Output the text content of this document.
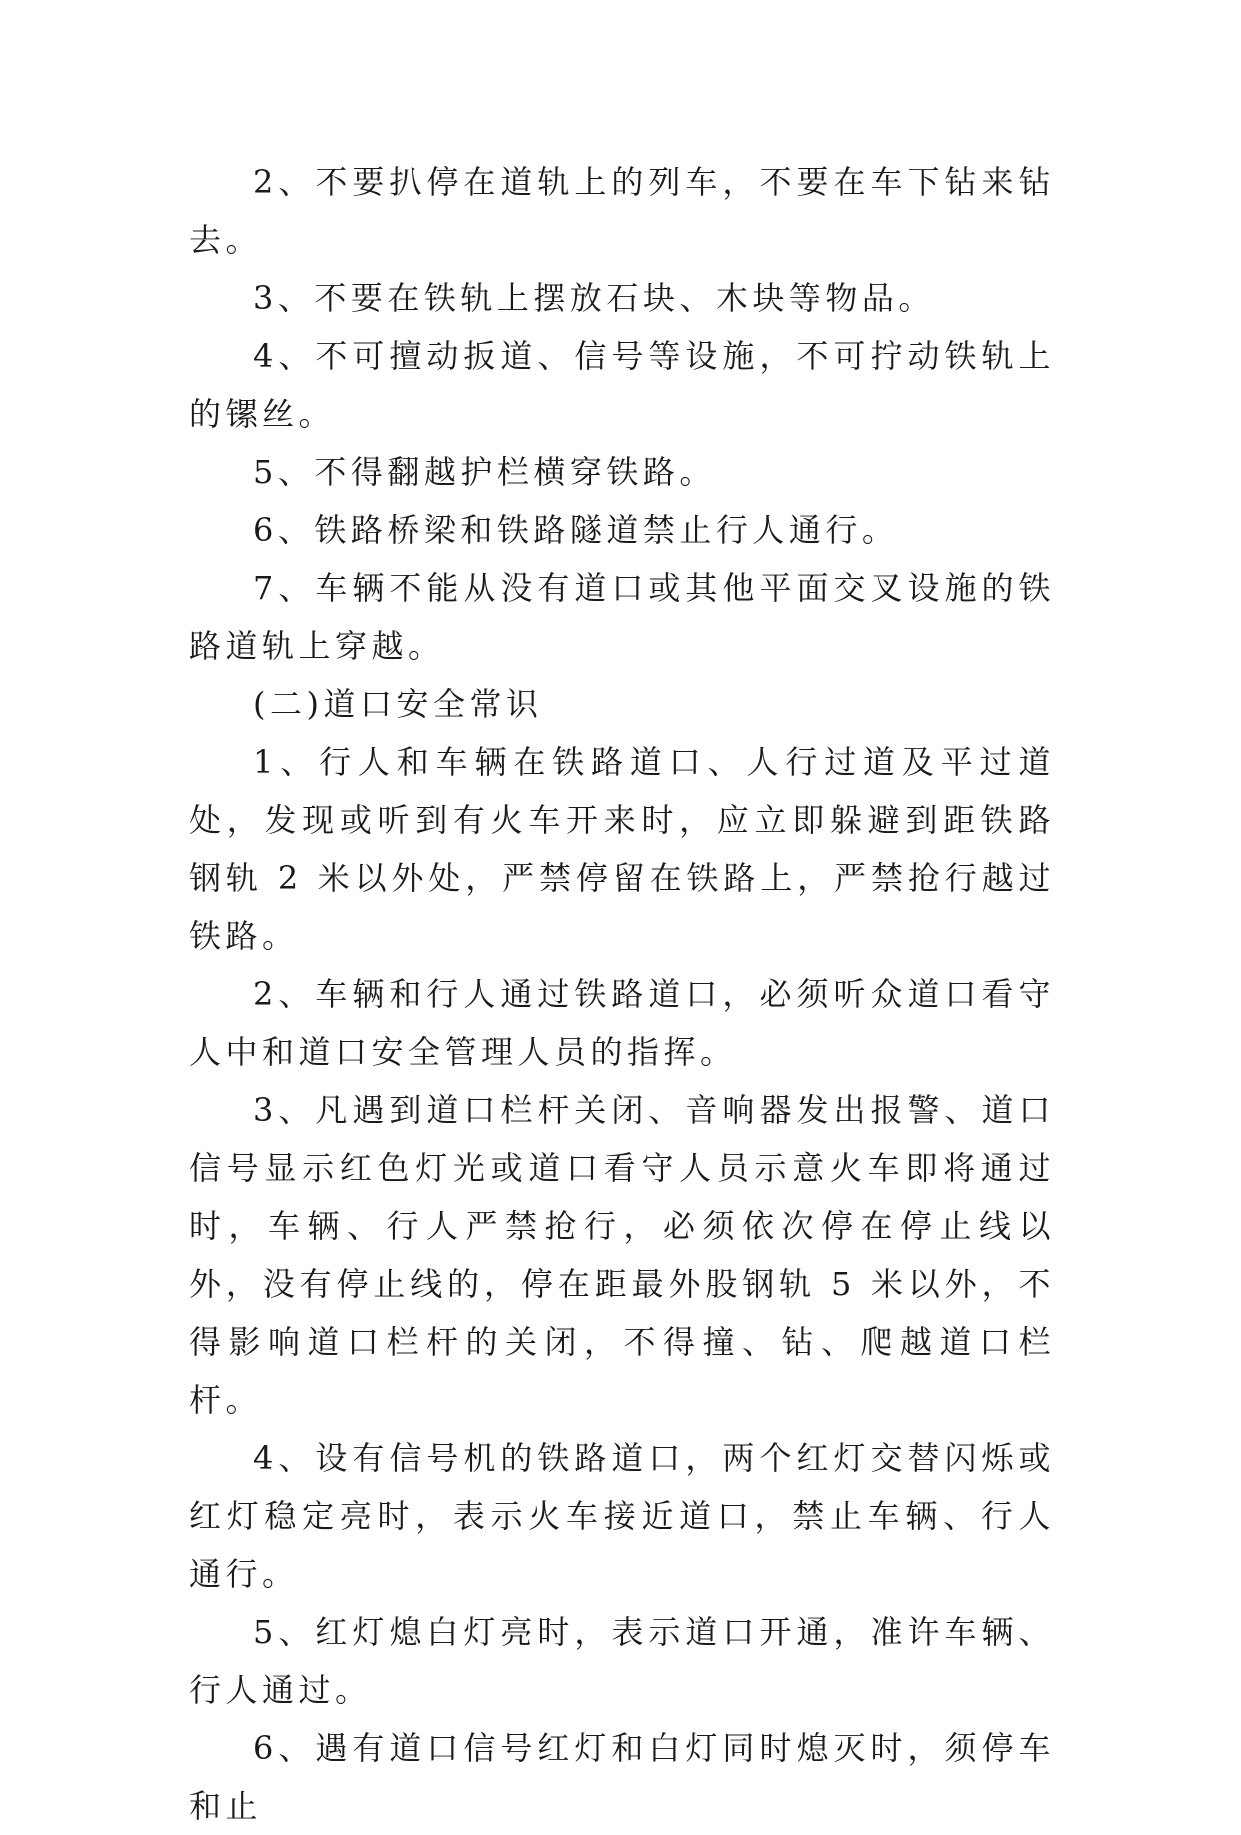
2、不要扒停在道轨上的列车，不要在车下钻来钻去。

3、不要在铁轨上摆放石块、木块等物品。

4、不可擅动扳道、信号等设施，不可拧动铁轨上的镙丝。

5、不得翻越护栏横穿铁路。

6、铁路桥梁和铁路隧道禁止行人通行。

7、车辆不能从没有道口或其他平面交叉设施的铁路道轨上穿越。

(二)道口安全常识

1、行人和车辆在铁路道口、人行过道及平过道处，发现或听到有火车开来时，应立即躲避到距铁路钢轨 2 米以外处，严禁停留在铁路上，严禁抢行越过铁路。

2、车辆和行人通过铁路道口，必须听众道口看守人中和道口安全管理人员的指挥。

3、凡遇到道口栏杆关闭、音响器发出报警、道口信号显示红色灯光或道口看守人员示意火车即将通过时，车辆、行人严禁抢行，必须依次停在停止线以外，没有停止线的，停在距最外股钢轨 5 米以外，不得影响道口栏杆的关闭，不得撞、钻、爬越道口栏杆。

4、设有信号机的铁路道口，两个红灯交替闪烁或红灯稳定亮时，表示火车接近道口，禁止车辆、行人通行。

5、红灯熄白灯亮时，表示道口开通，准许车辆、行人通过。

6、遇有道口信号红灯和白灯同时熄灭时，须停车和止
